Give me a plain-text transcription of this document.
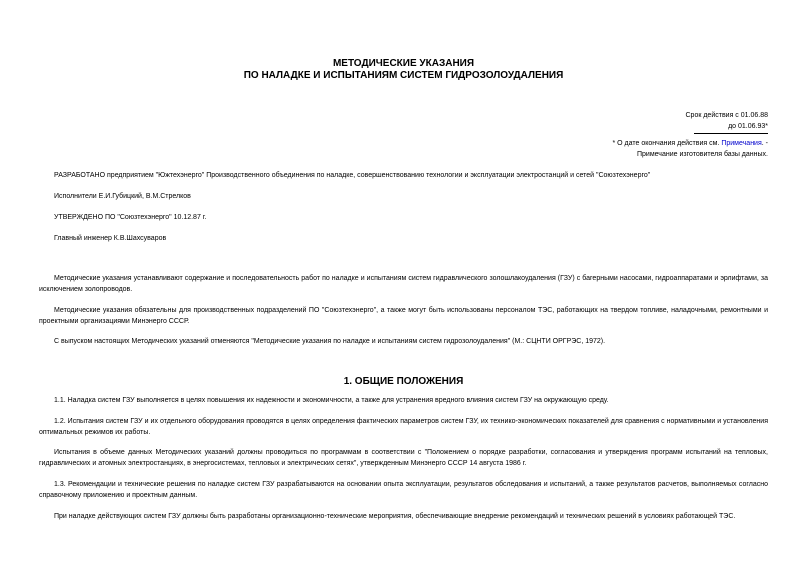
МЕТОДИЧЕСКИЕ УКАЗАНИЯ
ПО НАЛАДКЕ И ИСПЫТАНИЯМ СИСТЕМ ГИДРОЗОЛОУДАЛЕНИЯ
Срок действия с 01.06.88
до 01.06.93*
* О дате окончания действия см. Примечания. -
Примечание изготовителя базы данных.
РАЗРАБОТАНО предприятием "Южтехэнерго" Производственного объединения по наладке, совершенствованию технологии и эксплуатации электростанций и сетей "Союзтехэнерго"
Исполнители Е.И.Губицкий, В.М.Стрелков
УТВЕРЖДЕНО ПО "Союзтехэнерго" 10.12.87 г.
Главный инженер К.В.Шахсуваров
Методические указания устанавливают содержание и последовательность работ по наладке и испытаниям систем гидравлического золошлакоудаления (ГЗУ) с багерными насосами, гидроаппаратами и эрлифтами, за исключением золопроводов.
Методические указания обязательны для производственных подразделений ПО "Союзтехэнерго", а также могут быть использованы персоналом ТЭС, работающих на твердом топливе, наладочными, ремонтными и проектными организациями Минэнерго СССР.
С выпуском настоящих Методических указаний отменяются "Методические указания по наладке и испытаниям систем гидрозолоудаления" (М.: СЦНТИ ОРГРЭС, 1972).
1. ОБЩИЕ ПОЛОЖЕНИЯ
1.1. Наладка систем ГЗУ выполняется в целях повышения их надежности и экономичности, а также для устранения вредного влияния систем ГЗУ на окружающую среду.
1.2. Испытания систем ГЗУ и их отдельного оборудования проводятся в целях определения фактических параметров систем ГЗУ, их технико-экономических показателей для сравнения с нормативными и установления оптимальных режимов их работы.
Испытания в объеме данных Методических указаний должны проводиться по программам в соответствии с "Положением о порядке разработки, согласования и утверждения программ испытаний на тепловых, гидравлических и атомных электростанциях, в энергосистемах, тепловых и электрических сетях", утвержденным Минэнерго СССР 14 августа 1986 г.
1.3. Рекомендации и технические решения по наладке систем ГЗУ разрабатываются на основании опыта эксплуатации, результатов обследования и испытаний, а также результатов расчетов, выполняемых согласно справочному приложению и проектным данным.
При наладке действующих систем ГЗУ должны быть разработаны организационно-технические мероприятия, обеспечивающие внедрение рекомендаций и технических решений в условиях работающей ТЭС.
